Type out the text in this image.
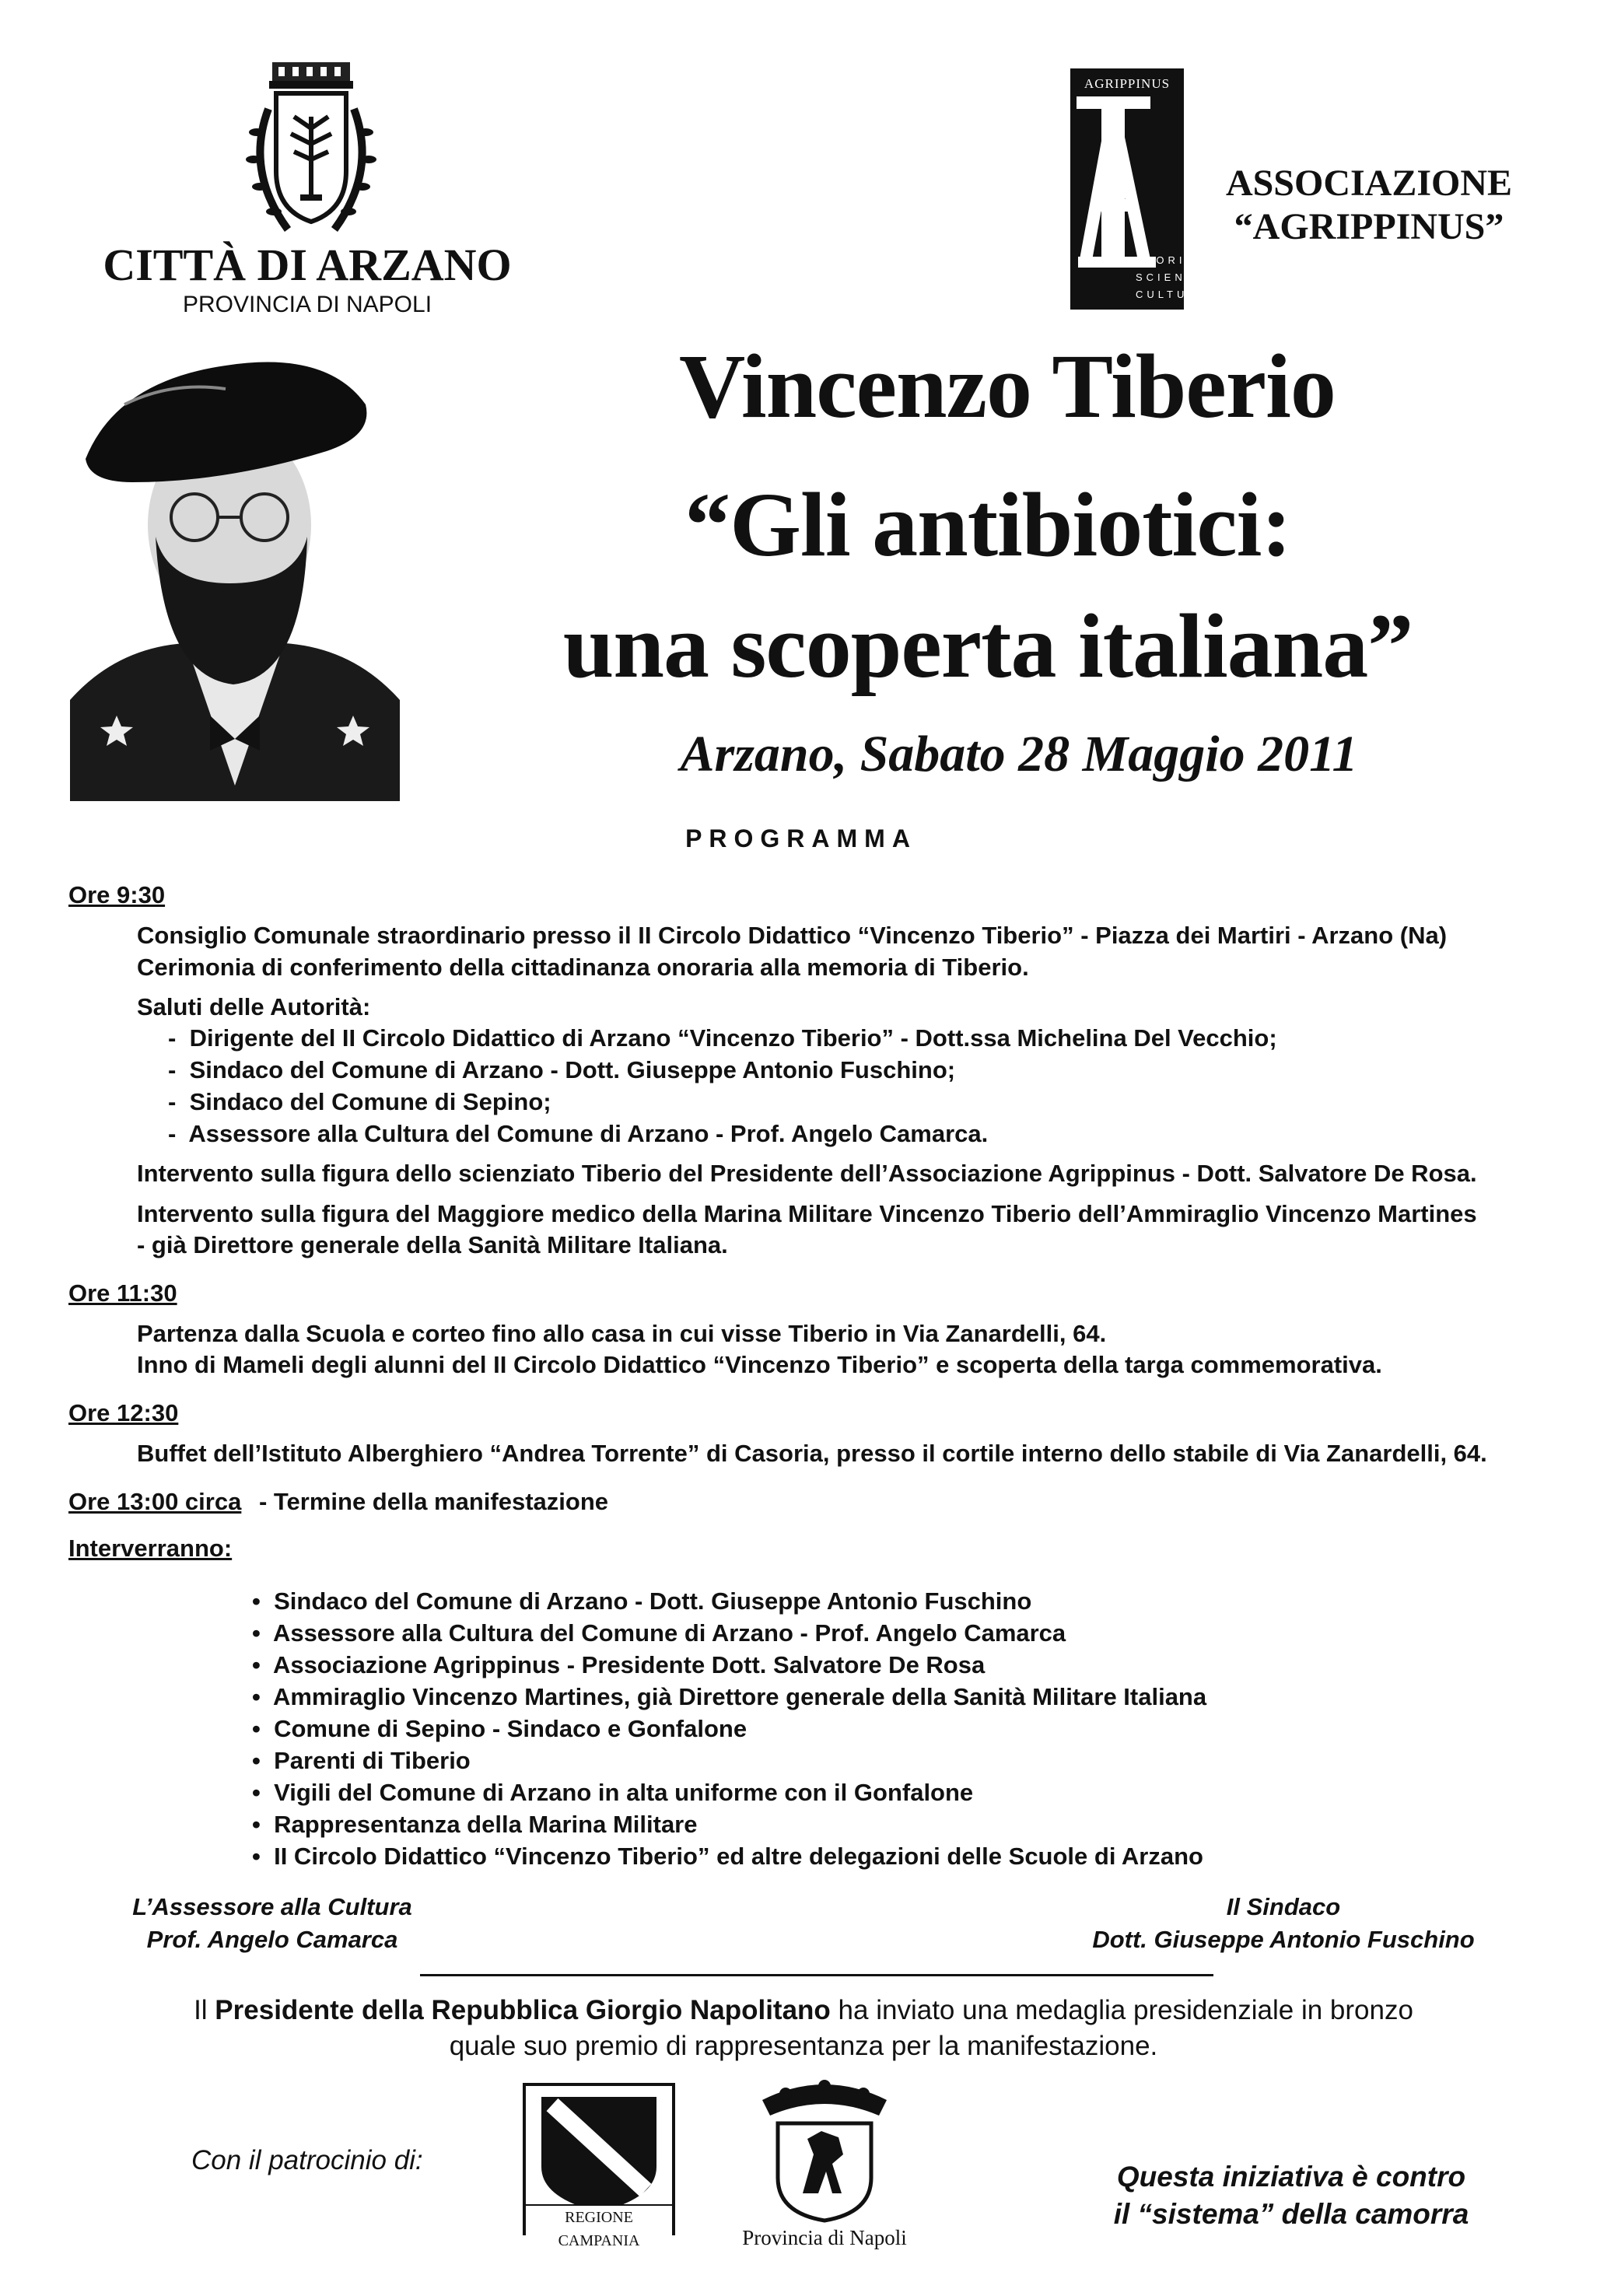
CITTÀ DI ARZANO
PROVINCIA DI NAPOLI
AGRIPPINUS
STORIA SCIENZA CULTURA
ASSOCIAZIONE
“AGRIPPINUS”
Vincenzo Tiberio
“Gli antibiotici:
una scoperta italiana”
Arzano, Sabato 28 Maggio 2011
PROGRAMMA
Ore 9:30
Consiglio Comunale straordinario presso il II Circolo Didattico “Vincenzo Tiberio” - Piazza dei Martiri - Arzano (Na)
Cerimonia di conferimento della cittadinanza onoraria alla memoria di Tiberio.
Saluti delle Autorità:
-  Dirigente del II Circolo Didattico di Arzano “Vincenzo Tiberio” - Dott.ssa Michelina Del Vecchio;
-  Sindaco del Comune di Arzano - Dott. Giuseppe Antonio Fuschino;
-  Sindaco del Comune di Sepino;
-  Assessore alla Cultura del Comune di Arzano - Prof. Angelo Camarca.
Intervento sulla figura dello scienziato Tiberio del Presidente dell’Associazione Agrippinus - Dott. Salvatore De Rosa.
Intervento sulla figura del Maggiore medico della Marina Militare Vincenzo Tiberio dell’Ammiraglio Vincenzo Martines
- già Direttore generale della Sanità Militare Italiana.
Ore 11:30
Partenza dalla Scuola e corteo fino allo casa in cui visse Tiberio in Via Zanardelli, 64.
Inno di Mameli degli alunni del II Circolo Didattico “Vincenzo Tiberio” e scoperta della targa commemorativa.
Ore 12:30
Buffet dell’Istituto Alberghiero “Andrea Torrente” di Casoria, presso il cortile interno dello stabile di Via Zanardelli, 64.
Ore 13:00 circa - Termine della manifestazione
Interverranno:
•  Sindaco del Comune di Arzano - Dott. Giuseppe Antonio Fuschino
•  Assessore alla Cultura del Comune di Arzano - Prof. Angelo Camarca
•  Associazione Agrippinus - Presidente Dott. Salvatore De Rosa
•  Ammiraglio Vincenzo Martines, già Direttore generale della Sanità Militare Italiana
•  Comune di Sepino - Sindaco e Gonfalone
•  Parenti di Tiberio
•  Vigili del Comune di Arzano in alta uniforme con il Gonfalone
•  Rappresentanza della Marina Militare
•  II Circolo Didattico “Vincenzo Tiberio” ed altre delegazioni delle Scuole di Arzano
L’Assessore alla Cultura
Prof. Angelo Camarca
Il Sindaco
Dott. Giuseppe Antonio Fuschino
Il Presidente della Repubblica Giorgio Napolitano ha inviato una medaglia presidenziale in bronzo
quale suo premio di rappresentanza per la manifestazione.
Con il patrocinio di:
REGIONE CAMPANIA	Provincia di Napoli
Questa iniziativa è contro
il “sistema” della camorra
